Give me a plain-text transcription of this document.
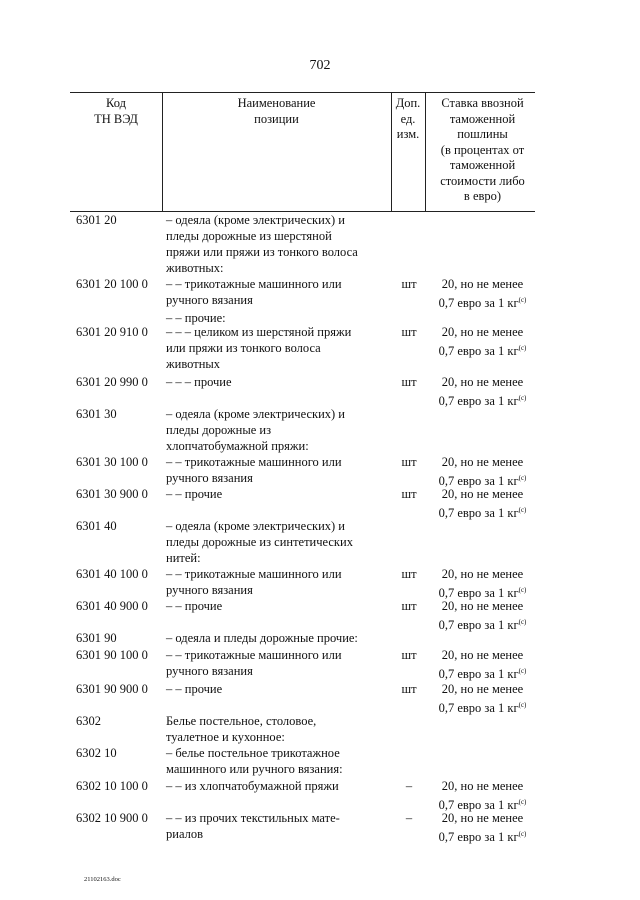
702
Код
ТН ВЭД
Наименование
позиции
Доп.
ед.
изм.
Ставка ввозной
таможенной
пошлины
(в процентах от
таможенной
стоимости либо
в евро)
6301 20	– одеяла (кроме электрических) и
пледы дорожные из шерстяной
пряжи или пряжи из тонкого волоса
животных:
6301 20 100 0 – – трикотажные машинного или
ручного вязания
шт	20, но не менее
0,7 евро за 1 $кг^{(с)}$
– – прочие:
6301 20 910 0 – – – целиком из шерстяной пряжи
или пряжи из тонкого волоса
животных
шт	20, но не менее
0,7 евро за 1 $кг^{(с)}$
6301 20 990 0 – – – прочие	шт	20, но не менее
0,7 евро за 1 $кг^{(с)}$
6301 30	– одеяла (кроме электрических) и
пледы дорожные из
хлопчатобумажной пряжи:
6301 30 100 0 – – трикотажные машинного или
ручного вязания
шт	20, но не менее
0,7 евро за 1 $кг^{(с)}$
6301 30 900 0 – – прочие	шт	20, но не менее
0,7 евро за 1 $кг^{(с)}$
6301 40	– одеяла (кроме электрических) и
пледы дорожные из синтетических
нитей:
6301 40 100 0 – – трикотажные машинного или
ручного вязания
шт	20, но не менее
0,7 евро за 1 $кг^{(с)}$
6301 40 900 0 – – прочие	шт	20, но не менее
0,7 евро за 1 $кг^{(с)}$
6301 90	– одеяла и пледы дорожные прочие:
6301 90 100 0 – – трикотажные машинного или
ручного вязания
шт	20, но не менее
0,7 евро за 1 $кг^{(с)}$
6301 90 900 0 – – прочие	шт	20, но не менее
0,7 евро за 1 $кг^{(с)}$
6302	Белье постельное, столовое,
туалетное и кухонное:
6302 10	– белье постельное трикотажное
машинного или ручного вязания:
6302 10 100 0 – – из хлопчатобумажной пряжи	–	20, но не менее
0,7 евро за 1 $кг^{(с)}$
6302 10 900 0 – – из прочих текстильных мате-
риалов
–	20, но не менее
0,7 евро за 1 $кг^{(с)}$
21102163.doc
